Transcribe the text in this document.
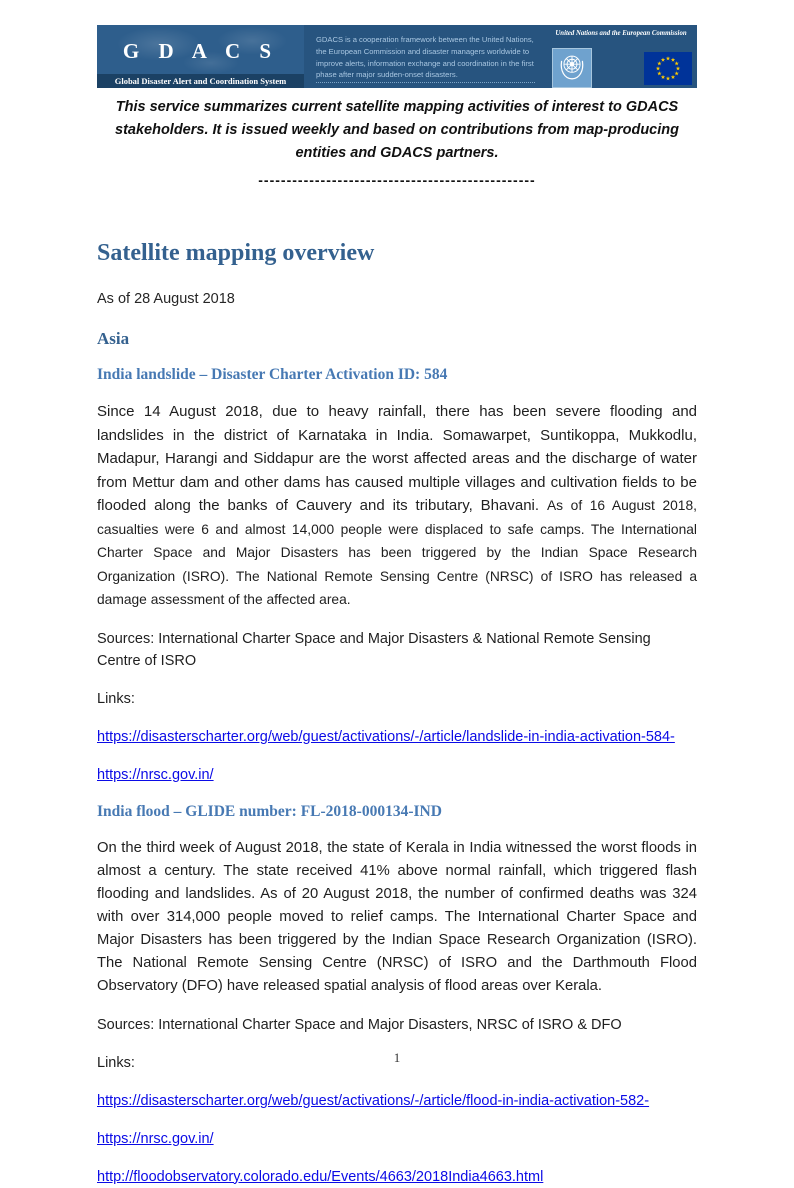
G D A C S
Global Disaster Alert and Coordination System
GDACS is a cooperation framework between the United Nations, the European Commission and disaster managers worldwide to improve alerts, information exchange and coordination in the first phase after major sudden-onset disasters.
United Nations and the European Commission
This service summarizes current satellite mapping activities of interest to GDACS stakeholders. It is issued weekly and based on contributions from map-producing entities and GDACS partners.
-------------------------------------------------
Satellite mapping overview
As of 28 August 2018
Asia
India landslide – Disaster Charter Activation ID: 584
Since 14 August 2018, due to heavy rainfall, there has been severe flooding and landslides in the district of Karnataka in India. Somawarpet, Suntikoppa, Mukkodlu, Madapur, Harangi and Siddapur are the worst affected areas and the discharge of water from Mettur dam and other dams has caused multiple villages and cultivation fields to be flooded along the banks of Cauvery and its tributary, Bhavani. As of 16 August 2018, casualties were 6 and almost 14,000 people were displaced to safe camps. The International Charter Space and Major Disasters has been triggered by the Indian Space Research Organization (ISRO). The National Remote Sensing Centre (NRSC) of ISRO has released a damage assessment of the affected area.
Sources: International Charter Space and Major Disasters & National Remote Sensing Centre of ISRO
Links:
https://disasterscharter.org/web/guest/activations/-/article/landslide-in-india-activation-584-
https://nrsc.gov.in/
India flood – GLIDE number: FL-2018-000134-IND
On the third week of August 2018, the state of Kerala in India witnessed the worst floods in almost a century. The state received 41% above normal rainfall, which triggered flash flooding and landslides. As of 20 August 2018, the number of confirmed deaths was 324 with over 314,000 people moved to relief camps. The International Charter Space and Major Disasters has been triggered by the Indian Space Research Organization (ISRO). The National Remote Sensing Centre (NRSC) of ISRO and the Darthmouth Flood Observatory (DFO) have released spatial analysis of flood areas over Kerala.
Sources: International Charter Space and Major Disasters, NRSC of ISRO & DFO
Links:
https://disasterscharter.org/web/guest/activations/-/article/flood-in-india-activation-582-
https://nrsc.gov.in/
http://floodobservatory.colorado.edu/Events/4663/2018India4663.html
1
